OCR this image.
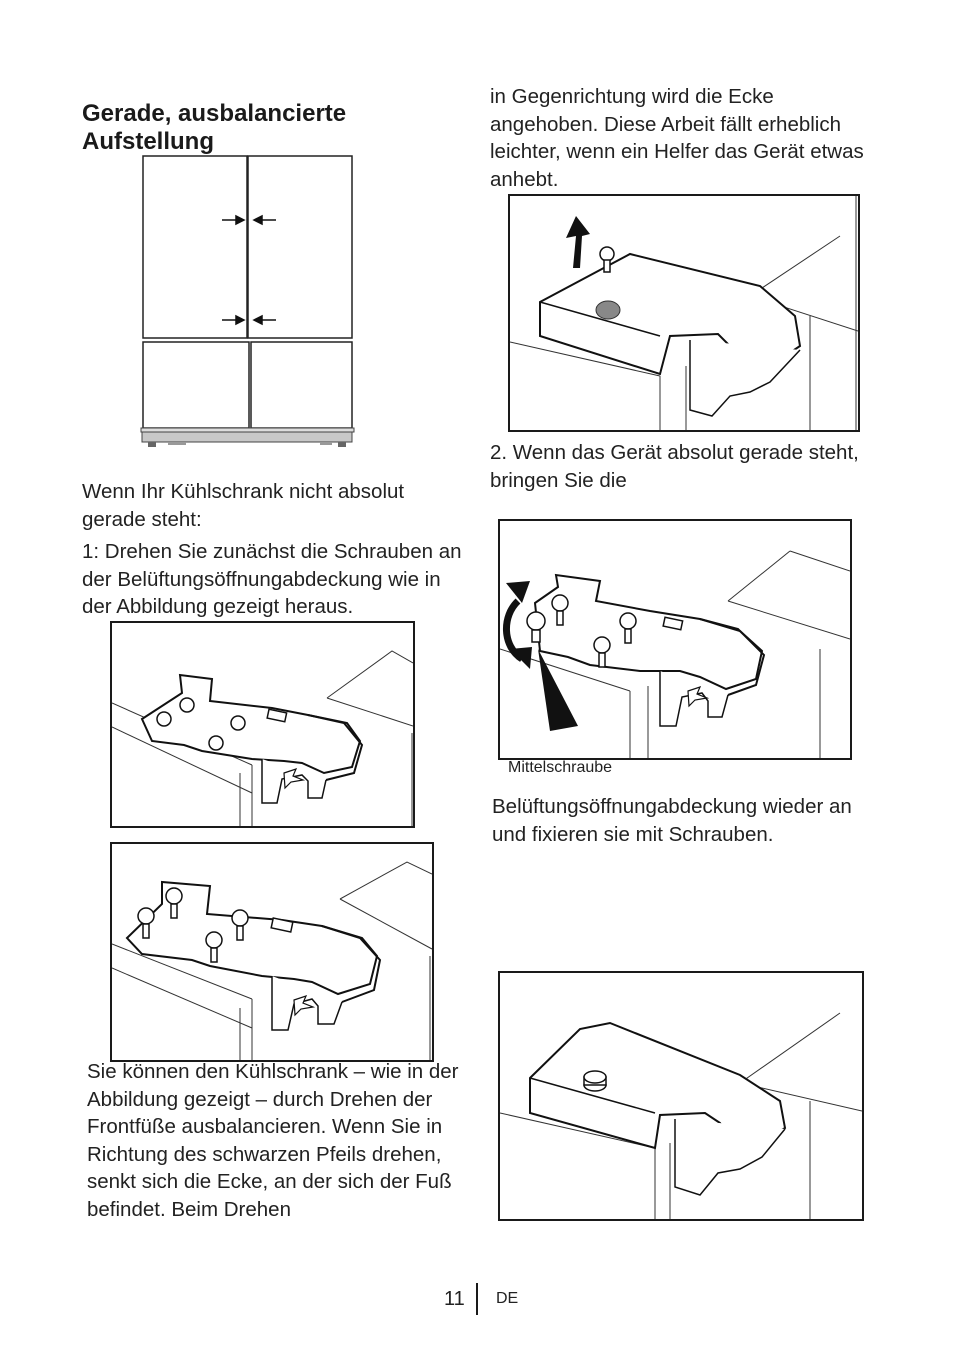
Gerade, ausbalancierte Aufstellung

Wenn Ihr Kühlschrank nicht absolut gerade steht:

1: Drehen Sie zunächst die Schrauben an der Belüftungsöffnungabdeckung wie in der Abbildung gezeigt heraus.

Sie können den Kühlschrank – wie in der Abbildung gezeigt – durch Drehen der Frontfüße ausbalancieren. Wenn Sie in Richtung des schwarzen Pfeils drehen, senkt sich die Ecke, an der sich der Fuß befindet. Beim Drehen

in Gegenrichtung wird die Ecke angehoben. Diese Arbeit fällt erheblich leichter, wenn ein Helfer das Gerät etwas anhebt.

2. Wenn das Gerät absolut gerade steht, bringen Sie die

Mittelschraube

Belüftungsöffnungabdeckung wieder an und fixieren sie mit Schrauben.

11 DE
